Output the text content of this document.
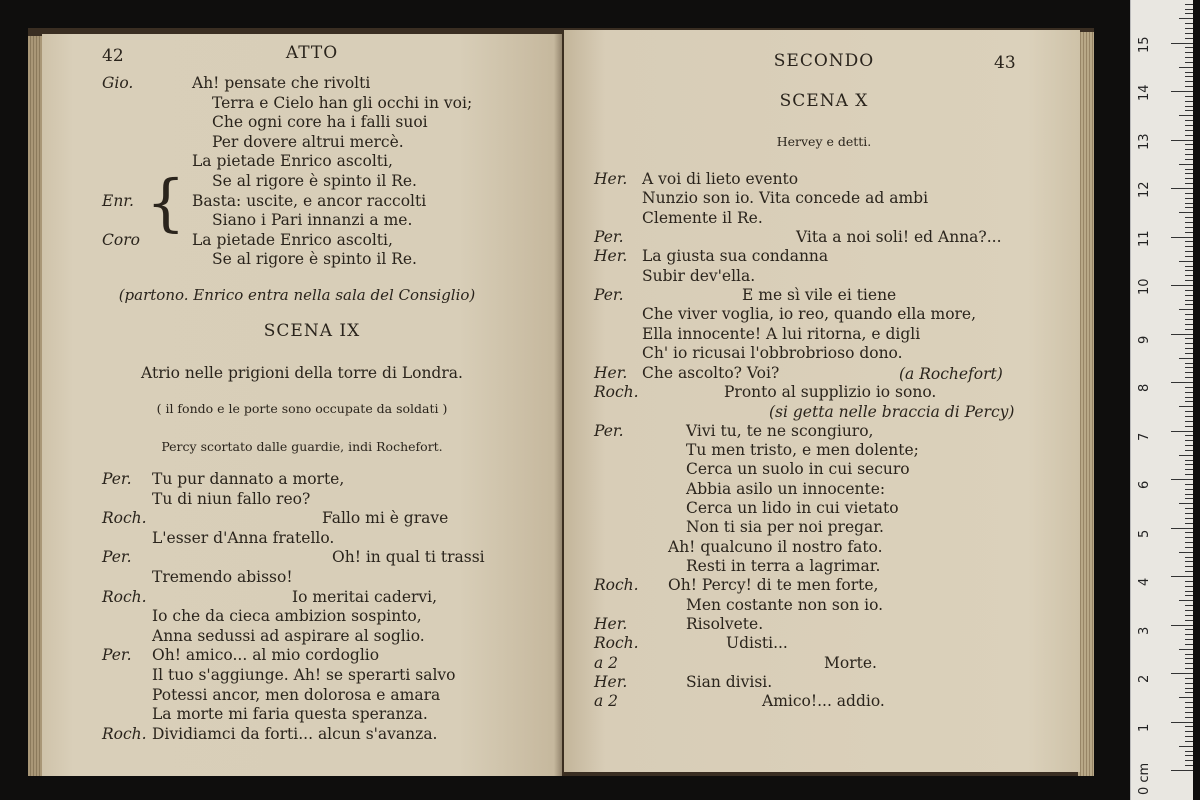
42	ATTO
{
(partono. Enrico entra nella sala del Consiglio)
SCENA IX
Atrio nelle prigioni della torre di Londra.
( il fondo e le porte sono occupate da soldati )
Percy scortato dalle guardie, indi Rochefort.
Gio.	Ah! pensate che rivolti
Terra e Cielo han gli occhi in voi;
Che ogni core ha i falli suoi
Per dovere altrui mercè.
La pietade Enrico ascolti,
Se al rigore è spinto il Re.
Enr.	Basta: uscite, e ancor raccolti
Siano i Pari innanzi a me.
Coro	La pietade Enrico ascolti,
Se al rigore è spinto il Re.
Per. Tu pur dannato a morte,
Tu di niun fallo reo?
Roch.	Fallo mi è grave
L'esser d'Anna fratello.
Per.	Oh! in qual ti trassi
Tremendo abisso!
Roch.	Io meritai cadervi,
Io che da cieca ambizion sospinto,
Anna sedussi ad aspirare al soglio.
Per. Oh! amico... al mio cordoglio
Il tuo s'aggiunge. Ah! se sperarti salvo
Potessi ancor, men dolorosa e amara
La morte mi faria questa speranza.
Roch. Dividiamci da forti... alcun s'avanza.
SECONDO	43
SCENA X
Hervey e detti.
(a Rochefort)
(si getta nelle braccia di Percy)
Her. A voi di lieto evento
Nunzio son io. Vita concede ad ambi
Clemente il Re.
Per.	Vita a noi soli! ed Anna?...
Her. La giusta sua condanna
Subir dev'ella.
Per.	E me sì vile ei tiene
Che viver voglia, io reo, quando ella more,
Ella innocente! A lui ritorna, e digli
Ch' io ricusai l'obbrobrioso dono.
Her. Che ascolto? Voi?
Roch.	Pronto al supplizio io sono.
Per.	Vivi tu, te ne scongiuro,
Tu men tristo, e men dolente;
Cerca un suolo in cui securo
Abbia asilo un innocente:
Cerca un lido in cui vietato
Non ti sia per noi pregar.
Ah! qualcuno il nostro fato.
Resti in terra a lagrimar.
Roch. Oh! Percy! di te men forte,
Men costante non son io.
Her.	Risolvete.
Roch.	Udisti...
a 2	Morte.
Her.	Sian divisi.
a 2	Amico!... addio.
0 cm
1
2
3
4
5
6
7
8
9
10
11
12
13
14
15
